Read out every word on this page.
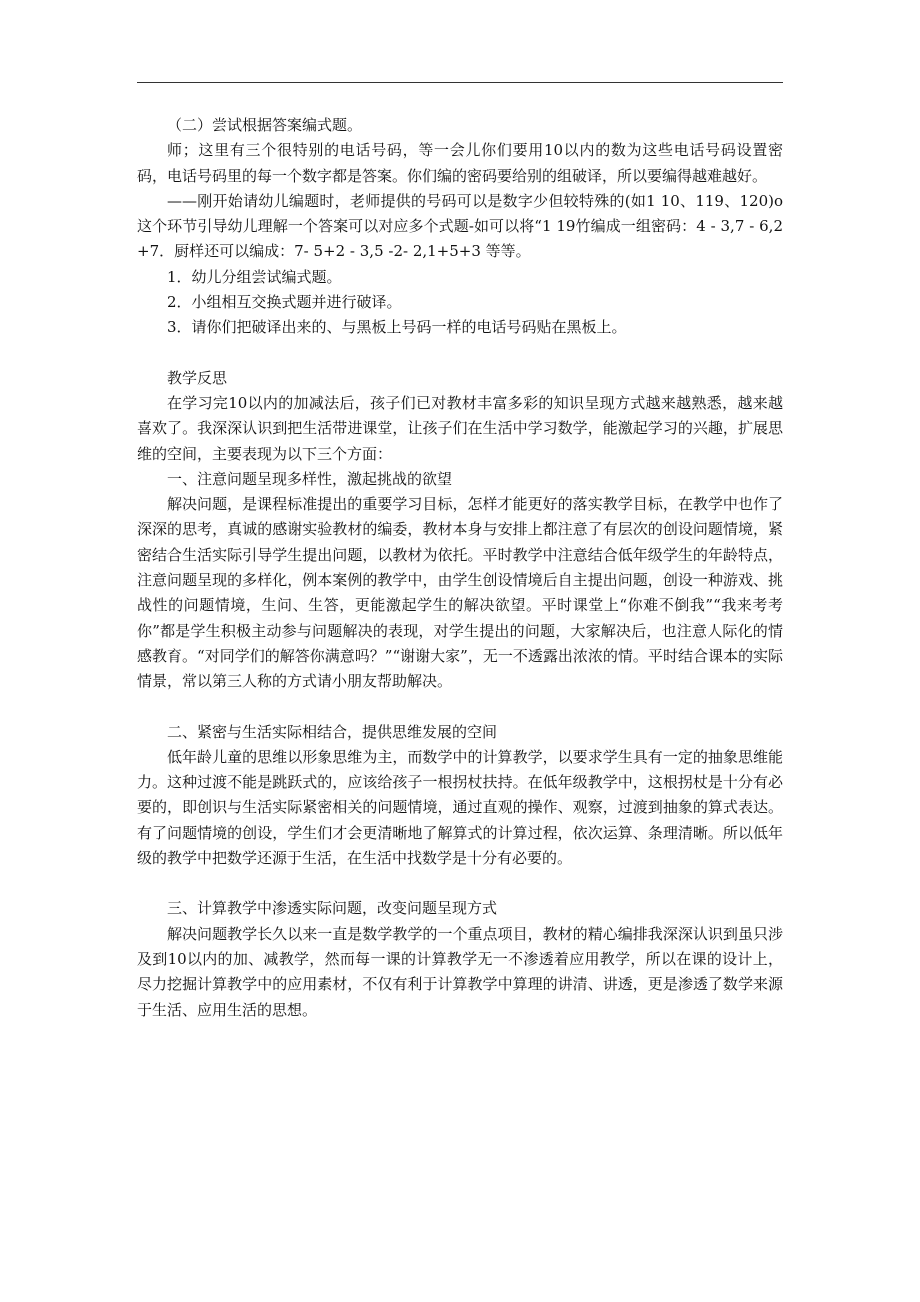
（二）尝试根据答案编式题。

师；这里有三个很特别的电话号码，等一会儿你们要用10以内的数为这些电话号码设置密码，电话号码里的每一个数字都是答案。你们编的密码要给别的组破译，所以要编得越难越好。

——刚开始请幼儿编题时，老师提供的号码可以是数字少但较特殊的(如1 10、119、120)o这个环节引导幼儿理解一个答案可以对应多个式题-如可以将“1 19竹编成一组密码：4 - 3,7 - 6,2+7．厨样还可以编成：7- 5+2 - 3,5 -2- 2,1+5+3 等等。

1．幼儿分组尝试编式题。

2．小组相互交换式题并进行破译。

3．请你们把破译出来的、与黑板上号码一样的电话号码贴在黑板上。

教学反思

在学习完10以内的加减法后，孩子们已对教材丰富多彩的知识呈现方式越来越熟悉，越来越喜欢了。我深深认识到把生活带进课堂，让孩子们在生活中学习数学，能激起学习的兴趣，扩展思维的空间，主要表现为以下三个方面：

一、注意问题呈现多样性，激起挑战的欲望

解决问题，是课程标准提出的重要学习目标，怎样才能更好的落实教学目标，在教学中也作了深深的思考，真诚的感谢实验教材的编委，教材本身与安排上都注意了有层次的创设问题情境，紧密结合生活实际引导学生提出问题，以教材为依托。平时教学中注意结合低年级学生的年龄特点，注意问题呈现的多样化，例本案例的教学中，由学生创设情境后自主提出问题，创设一种游戏、挑战性的问题情境，生问、生答，更能激起学生的解决欲望。平时课堂上“你难不倒我”“我来考考你”都是学生积极主动参与问题解决的表现，对学生提出的问题，大家解决后，也注意人际化的情感教育。“对同学们的解答你满意吗？”“谢谢大家”，无一不透露出浓浓的情。平时结合课本的实际情景，常以第三人称的方式请小朋友帮助解决。

二、紧密与生活实际相结合，提供思维发展的空间

低年龄儿童的思维以形象思维为主，而数学中的计算教学，以要求学生具有一定的抽象思维能力。这种过渡不能是跳跃式的，应该给孩子一根拐杖扶持。在低年级教学中，这根拐杖是十分有必要的，即创识与生活实际紧密相关的问题情境，通过直观的操作、观察，过渡到抽象的算式表达。有了问题情境的创设，学生们才会更清晰地了解算式的计算过程，依次运算、条理清晰。所以低年级的教学中把数学还源于生活，在生活中找数学是十分有必要的。

三、计算教学中渗透实际问题，改变问题呈现方式

解决问题教学长久以来一直是数学教学的一个重点项目，教材的精心编排我深深认识到虽只涉及到10以内的加、减教学，然而每一课的计算教学无一不渗透着应用教学，所以在课的设计上，尽力挖掘计算教学中的应用素材，不仅有利于计算教学中算理的讲清、讲透，更是渗透了数学来源于生活、应用生活的思想。
